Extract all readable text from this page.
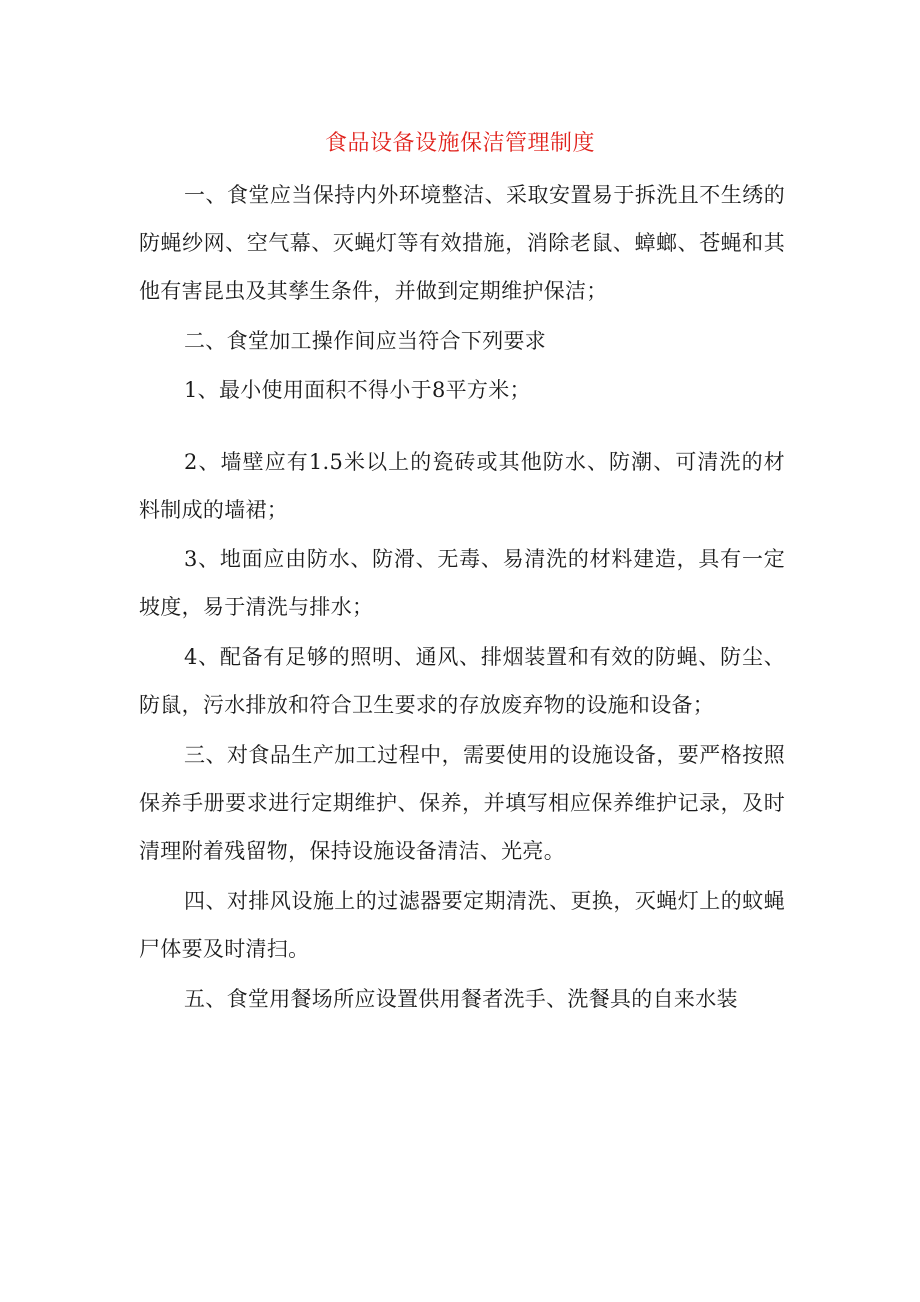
食品设备设施保洁管理制度

一、食堂应当保持内外环境整洁、采取安置易于拆洗且不生绣的防蝇纱网、空气幕、灭蝇灯等有效措施，消除老鼠、蟑螂、苍蝇和其他有害昆虫及其孳生条件，并做到定期维护保洁；

二、食堂加工操作间应当符合下列要求

1、最小使用面积不得小于8平方米；

2、墙壁应有1.5米以上的瓷砖或其他防水、防潮、可清洗的材料制成的墙裙；

3、地面应由防水、防滑、无毒、易清洗的材料建造，具有一定坡度，易于清洗与排水；

4、配备有足够的照明、通风、排烟装置和有效的防蝇、防尘、防鼠，污水排放和符合卫生要求的存放废弃物的设施和设备；

三、对食品生产加工过程中，需要使用的设施设备，要严格按照保养手册要求进行定期维护、保养，并填写相应保养维护记录，及时清理附着残留物，保持设施设备清洁、光亮。

四、对排风设施上的过滤器要定期清洗、更换，灭蝇灯上的蚊蝇尸体要及时清扫。

五、食堂用餐场所应设置供用餐者洗手、洗餐具的自来水装
